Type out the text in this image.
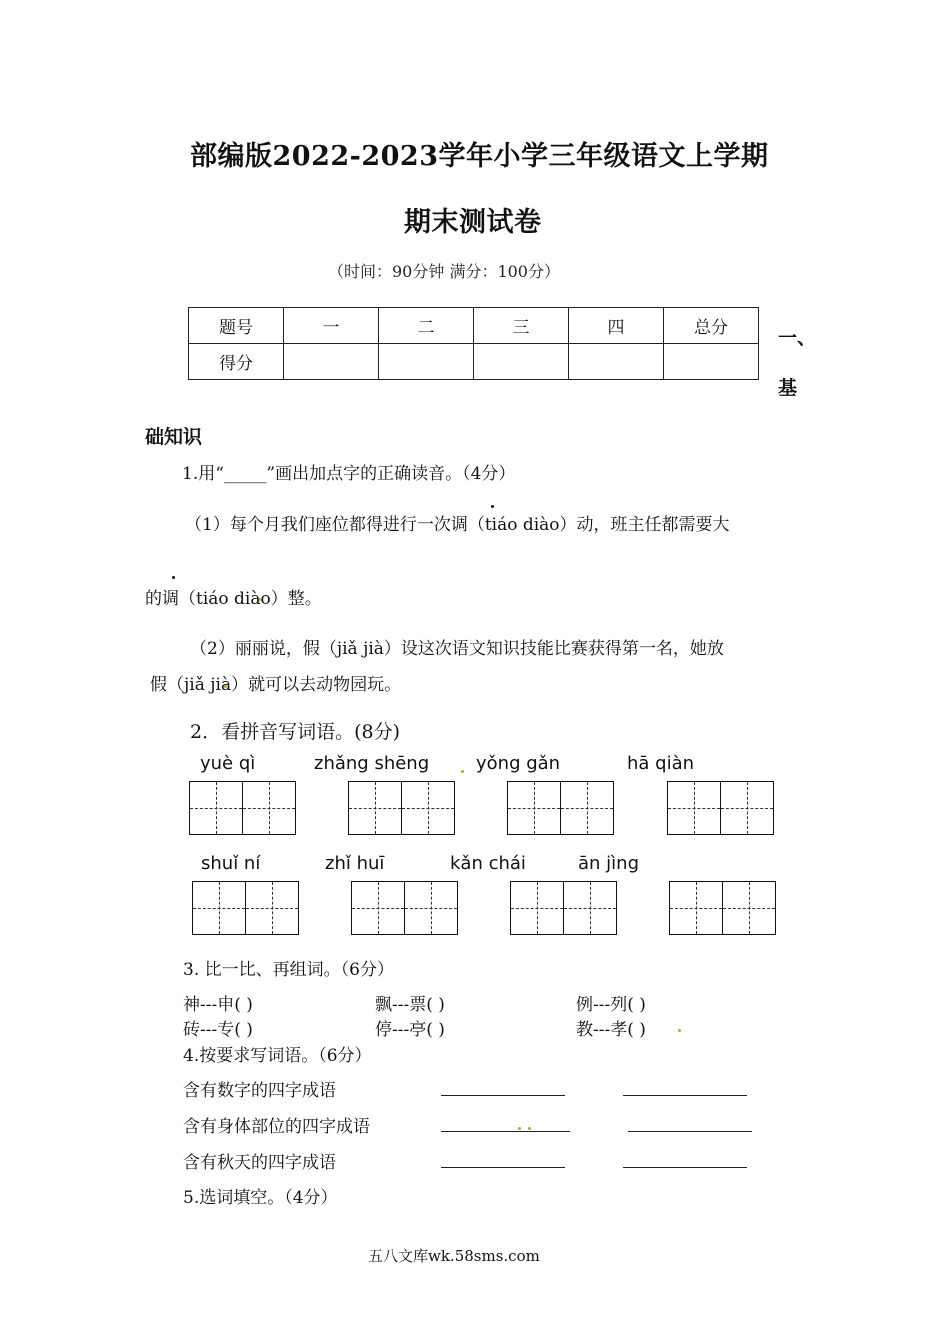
部编版2022-2023学年小学三年级语文上学期
期末测试卷
（时间：90分钟 满分：100分）
题号	一	二	三	四	总分
得分					
一、
基
础知识
1.用“_____”画出加点字的正确读音。（4分）
（1）每个月我们座位都得进行一次调（tiáo diào）动，班主任都需要大
的调（tiáo diào）整。
（2）丽丽说，假（jiǎ jià）设这次语文知识技能比赛获得第一名，她放
假（jiǎ jià）就可以去动物园玩。
2．看拼音写词语。(8分)
yuè qì	zhǎng shēng	yǒng gǎn	hā qiàn
shuǐ ní	zhǐ huī	kǎn chái	ān jìng
3. 比一比、再组词。（6分）
神---申( )	飘---票( )	例---列( )
砖---专( )	停---亭( )	教---孝( )
4.按要求写词语。（6分）
含有数字的四字成语
含有身体部位的四字成语
含有秋天的四字成语
5.选词填空。（4分）
五八文库wk.58sms.com
